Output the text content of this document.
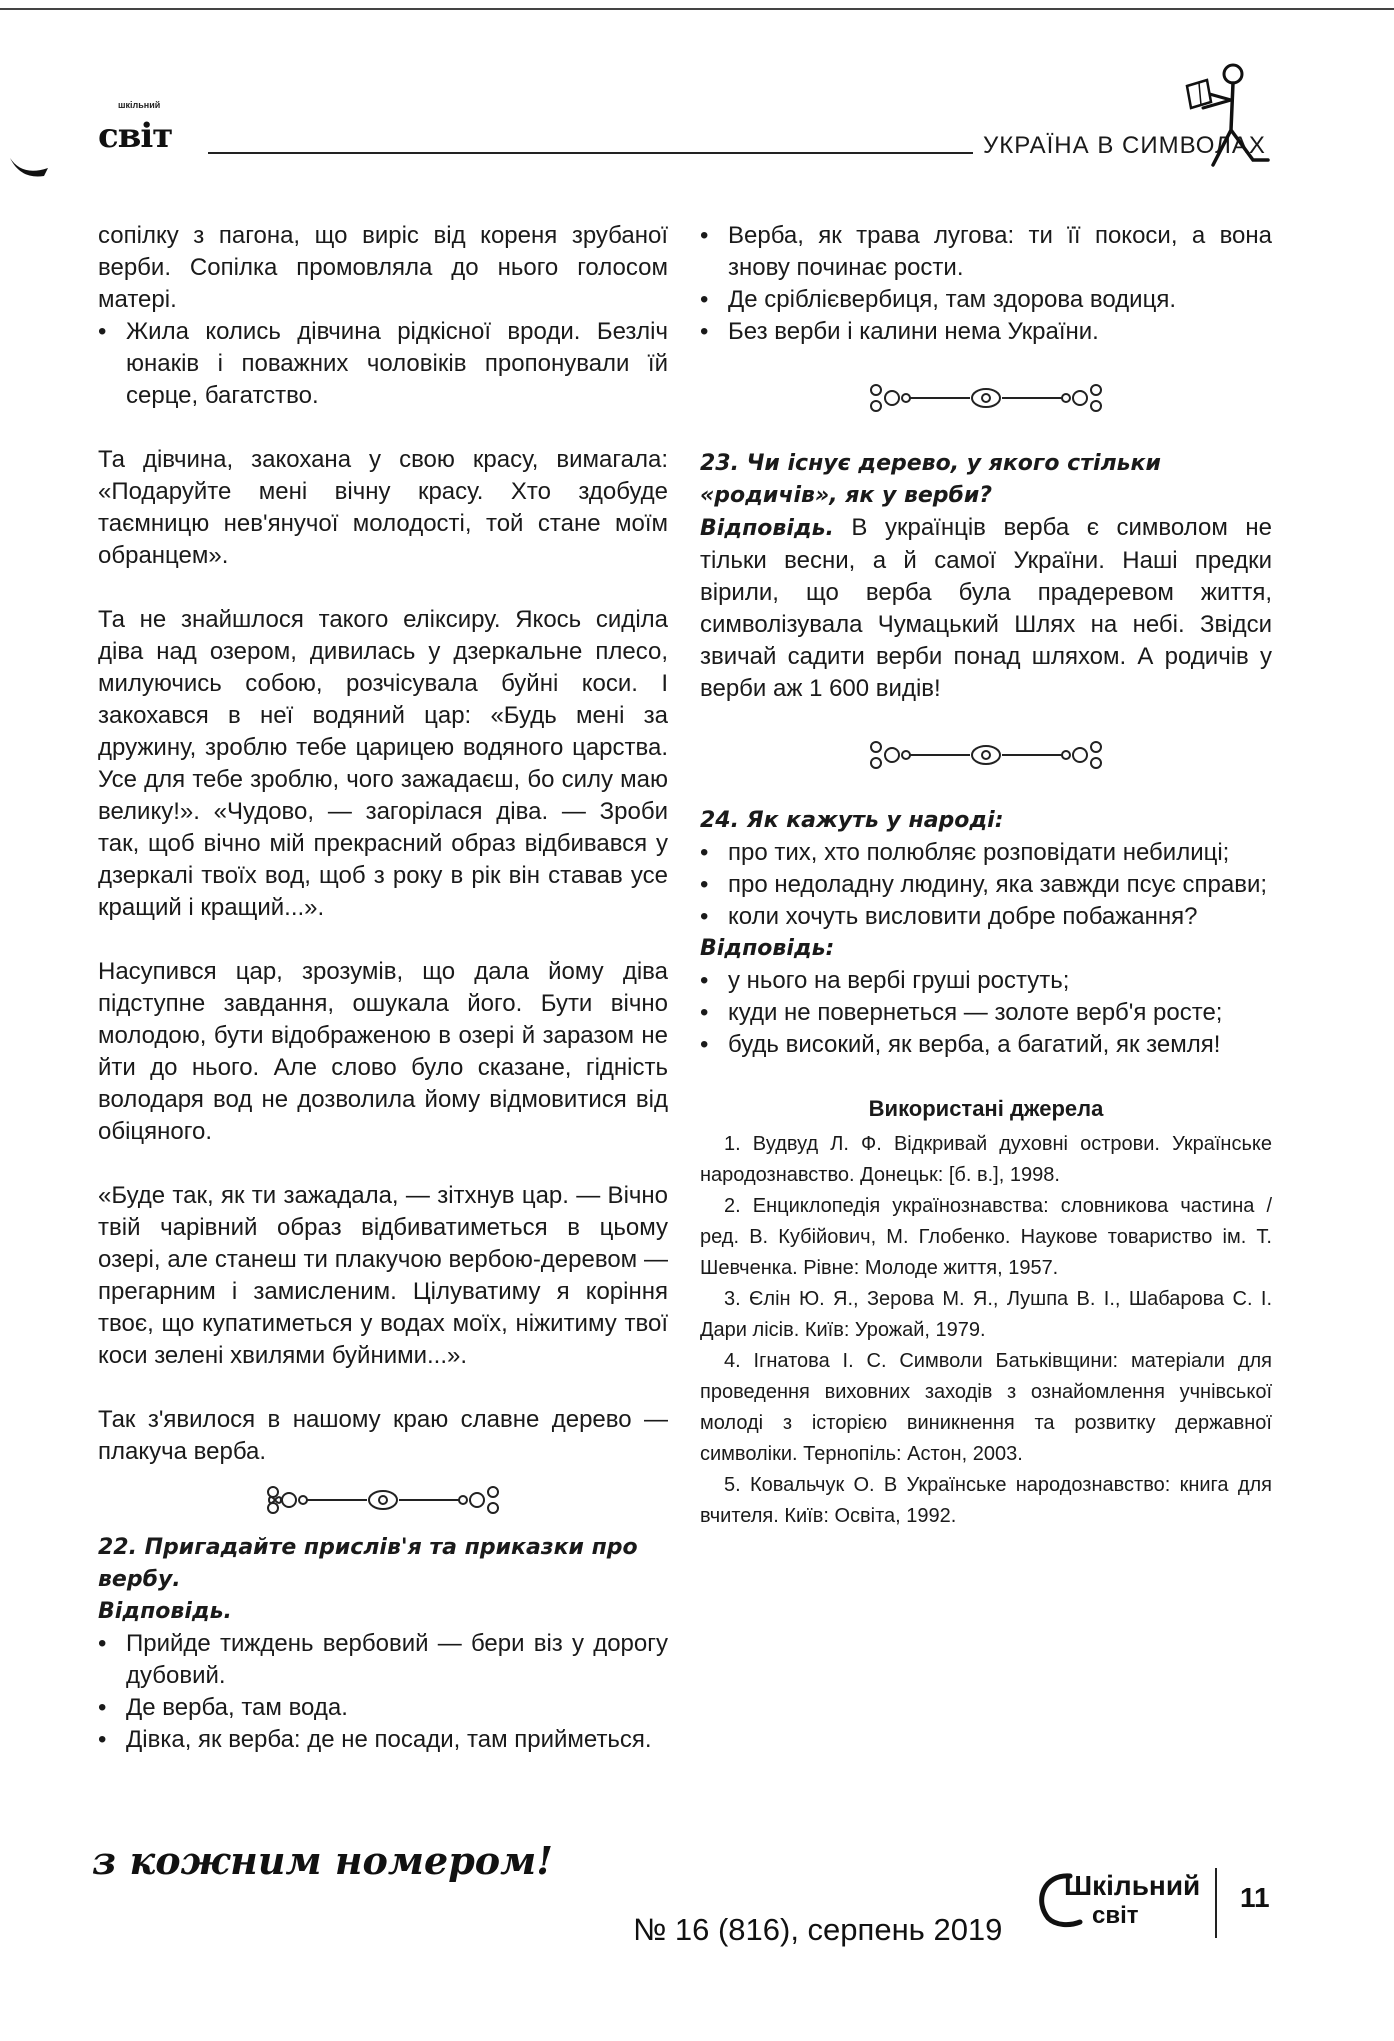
шкільний
світ	УКРАЇНА В СИМВОЛАХ

сопілку з пагона, що виріс від кореня зрубаної верби. Сопілка промовляла до нього голосом матері.

• Жила колись дівчина рідкісної вроди. Безліч юнаків і поважних чоловіків пропонували їй серце, багатство.

Та дівчина, закохана у свою красу, вимагала: «Подаруйте мені вічну красу. Хто здобуде таємницю нев'янучої молодості, той стане моїм обранцем».

Та не знайшлося такого еліксиру. Якось сиділа діва над озером, дивилась у дзеркальне плесо, милуючись собою, розчісувала буйні коси. І закохався в неї водяний цар: «Будь мені за дружину, зроблю тебе царицею водяного царства. Усе для тебе зроблю, чого зажадаєш, бо силу маю велику!». «Чудово, — загорілася діва. — Зроби так, щоб вічно мій прекрасний образ відбивався у дзеркалі твоїх вод, щоб з року в рік він ставав усе кращий і кращий...».

Насупився цар, зрозумів, що дала йому діва підступне завдання, ошукала його. Бути вічно молодою, бути відображеною в озері й заразом не йти до нього. Але слово було сказане, гідність володаря вод не дозволила йому відмовитися від обіцяного.

«Буде так, як ти зажадала, — зітхнув цар. — Вічно твій чарівний образ відбиватиметься в цьому озері, але станеш ти плакучою вербою-деревом — прегарним і замисленим. Цілуватиму я коріння твоє, що купатиметься у водах моїх, ніжитиму твої коси зелені хвилями буйними...».

Так з'явилося в нашому краю славне дерево — плакуча верба.

22. Пригадайте прислів'я та приказки про вербу.

Відповідь.

• Прийде тиждень вербовий — бери віз у дорогу дубовий.

• Де верба, там вода.

• Дівка, як верба: де не посади, там прийметься.

• Верба, як трава лугова: ти її покоси, а вона знову починає рости.

• Де сріблієвербиця, там здорова водиця.

• Без верби і калини нема України.

23. Чи існує дерево, у якого стільки «родичів», як у верби?

Відповідь. В українців верба є символом не тільки весни, а й самої України. Наші предки вірили, що верба була прадеревом життя, символізувала Чумацький Шлях на небі. Звідси звичай садити верби понад шляхом. А родичів у верби аж 1 600 видів!

24. Як кажуть у народі:

• про тих, хто полюбляє розповідати небилиці;

• про недоладну людину, яка завжди псує справи;

• коли хочуть висловити добре побажання?

Відповідь:

• у нього на вербі груші ростуть;

• куди не повернеться — золоте верб'я росте;

• будь високий, як верба, а багатий, як земля!

Використані джерела

1. Вудвуд Л. Ф. Відкривай духовні острови. Українське народознавство. Донецьк: [б. в.], 1998.

2. Енциклопедія українознавства: словникова частина / ред. В. Кубійович, М. Глобенко. Наукове товариство ім. Т. Шевченка. Рівне: Молоде життя, 1957.

3. Єлін Ю. Я., Зерова М. Я., Лушпа В. І., Шабарова С. І. Дари лісів. Київ: Урожай, 1979.

4. Ігнатова І. С. Символи Батьківщини: матеріали для проведення виховних заходів з ознайомлення учнівської молоді з історією виникнення та розвитку державної символіки. Тернопіль: Астон, 2003.

5. Ковальчук О. В Українське народознавство: книга для вчителя. Київ: Освіта, 1992.

з кожним номером!
№ 16 (816), серпень 2019
Шкільний
світ
11
